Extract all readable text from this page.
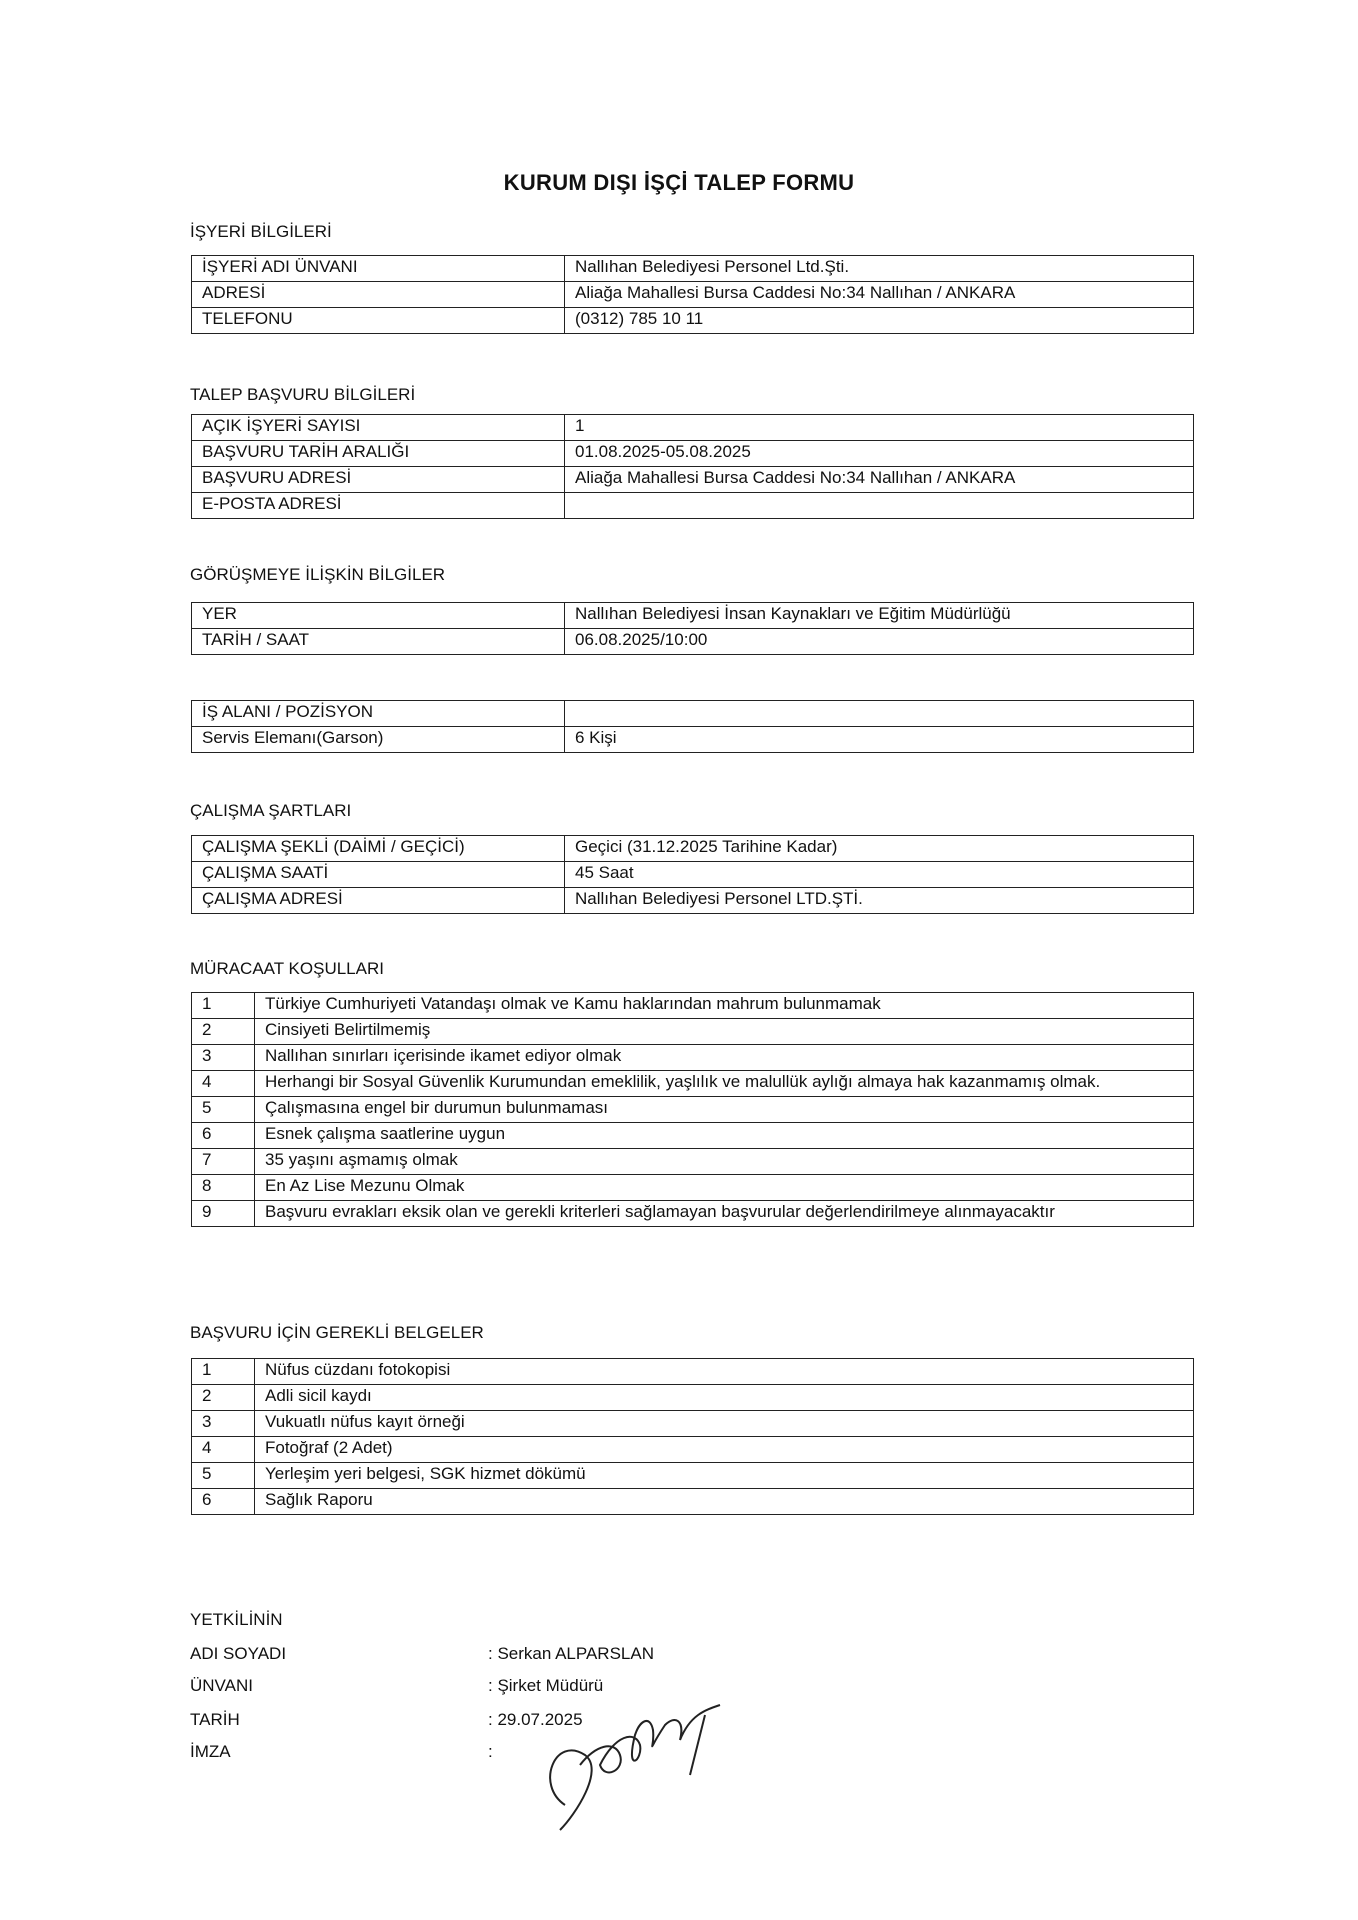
KURUM DIŞI İŞÇİ TALEP FORMU
İŞYERİ BİLGİLERİ
İŞYERİ ADI ÜNVANI	Nallıhan Belediyesi Personel Ltd.Şti.
ADRESİ	Aliağa Mahallesi Bursa Caddesi No:34 Nallıhan / ANKARA
TELEFONU	(0312) 785 10 11
TALEP BAŞVURU BİLGİLERİ
AÇIK İŞYERİ SAYISI	1
BAŞVURU TARİH ARALIĞI	01.08.2025-05.08.2025
BAŞVURU ADRESİ	Aliağa Mahallesi Bursa Caddesi No:34 Nallıhan / ANKARA
E-POSTA ADRESİ	
GÖRÜŞMEYE İLİŞKİN BİLGİLER
YER	Nallıhan Belediyesi İnsan Kaynakları ve Eğitim Müdürlüğü
TARİH / SAAT	06.08.2025/10:00
İŞ ALANI / POZİSYON	
Servis Elemanı(Garson)	6 Kişi
ÇALIŞMA ŞARTLARI
ÇALIŞMA ŞEKLİ (DAİMİ / GEÇİCİ)	Geçici (31.12.2025 Tarihine Kadar)
ÇALIŞMA SAATİ	45 Saat
ÇALIŞMA ADRESİ	Nallıhan Belediyesi Personel LTD.ŞTİ.
MÜRACAAT KOŞULLARI
1	Türkiye Cumhuriyeti Vatandaşı olmak ve Kamu haklarından mahrum bulunmamak
2	Cinsiyeti Belirtilmemiş
3	Nallıhan sınırları içerisinde ikamet ediyor olmak
4	Herhangi bir Sosyal Güvenlik Kurumundan emeklilik, yaşlılık ve malullük aylığı almaya hak kazanmamış olmak.
5	Çalışmasına engel bir durumun bulunmaması
6	Esnek çalışma saatlerine uygun
7	35 yaşını aşmamış olmak
8	En Az Lise Mezunu Olmak
9	Başvuru evrakları eksik olan ve gerekli kriterleri sağlamayan başvurular değerlendirilmeye alınmayacaktır
BAŞVURU İÇİN GEREKLİ BELGELER
1	Nüfus cüzdanı fotokopisi
2	Adli sicil kaydı
3	Vukuatlı nüfus kayıt örneği
4	Fotoğraf (2 Adet)
5	Yerleşim yeri belgesi, SGK hizmet dökümü
6	Sağlık Raporu
YETKİLİNİN
ADI SOYADI	: Serkan ALPARSLAN
ÜNVANI	: Şirket Müdürü
TARİH	: 29.07.2025
İMZA	:
